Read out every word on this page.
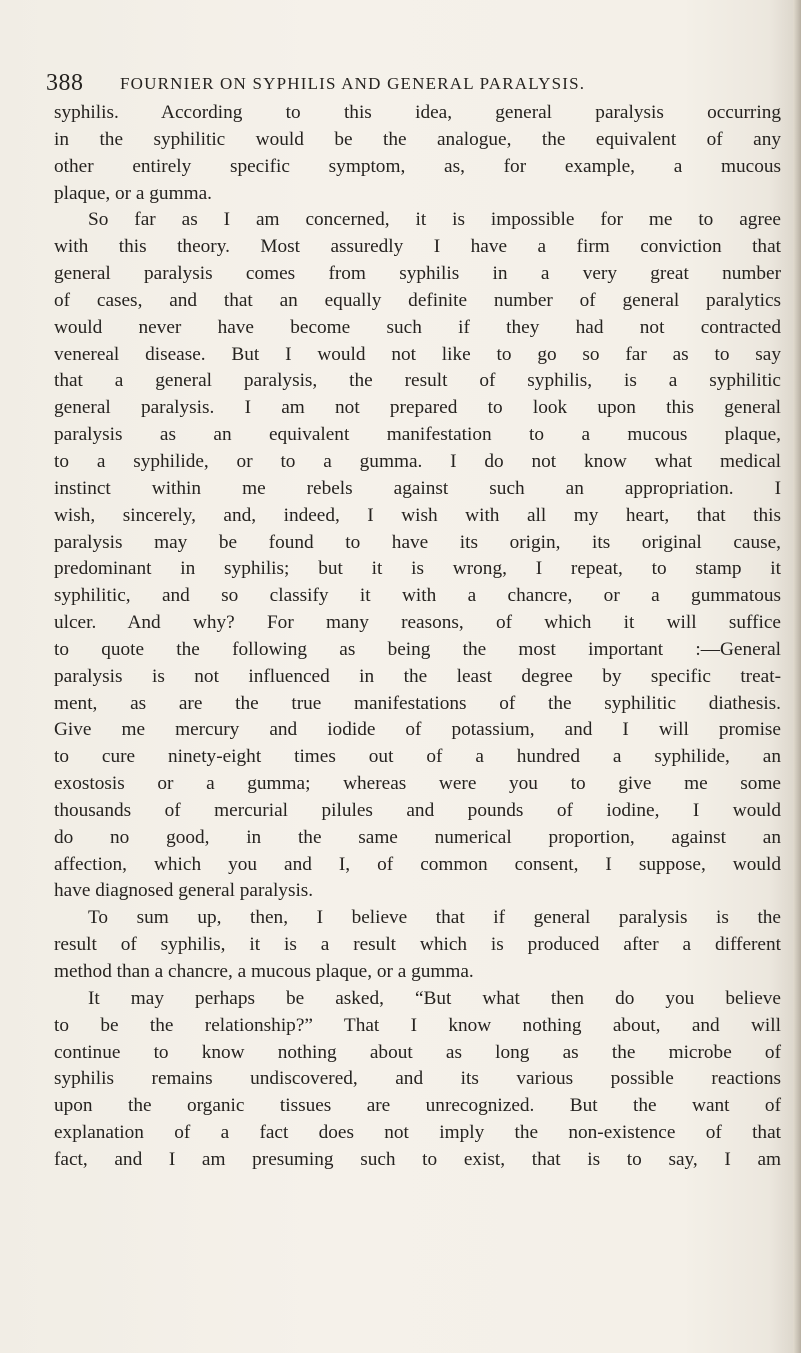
388 FOURNIER ON SYPHILIS AND GENERAL PARALYSIS.
syphilis. According to this idea, general paralysis occurring
in the syphilitic would be the analogue, the equivalent of any
other entirely specific symptom, as, for example, a mucous
plaque, or a gumma.
So far as I am concerned, it is impossible for me to agree
with this theory. Most assuredly I have a firm conviction that
general paralysis comes from syphilis in a very great number
of cases, and that an equally definite number of general paralytics
would never have become such if they had not contracted
venereal disease. But I would not like to go so far as to say
that a general paralysis, the result of syphilis, is a syphilitic
general paralysis. I am not prepared to look upon this general
paralysis as an equivalent manifestation to a mucous plaque,
to a syphilide, or to a gumma. I do not know what medical
instinct within me rebels against such an appropriation. I
wish, sincerely, and, indeed, I wish with all my heart, that this
paralysis may be found to have its origin, its original cause,
predominant in syphilis; but it is wrong, I repeat, to stamp it
syphilitic, and so classify it with a chancre, or a gummatous
ulcer. And why? For many reasons, of which it will suffice
to quote the following as being the most important :—General
paralysis is not influenced in the least degree by specific treat-
ment, as are the true manifestations of the syphilitic diathesis.
Give me mercury and iodide of potassium, and I will promise
to cure ninety-eight times out of a hundred a syphilide, an
exostosis or a gumma; whereas were you to give me some
thousands of mercurial pilules and pounds of iodine, I would
do no good, in the same numerical proportion, against an
affection, which you and I, of common consent, I suppose, would
have diagnosed general paralysis.
To sum up, then, I believe that if general paralysis is the
result of syphilis, it is a result which is produced after a different
method than a chancre, a mucous plaque, or a gumma.
It may perhaps be asked, “But what then do you believe
to be the relationship?” That I know nothing about, and will
continue to know nothing about as long as the microbe of
syphilis remains undiscovered, and its various possible reactions
upon the organic tissues are unrecognized. But the want of
explanation of a fact does not imply the non-existence of that
fact, and I am presuming such to exist, that is to say, I am
